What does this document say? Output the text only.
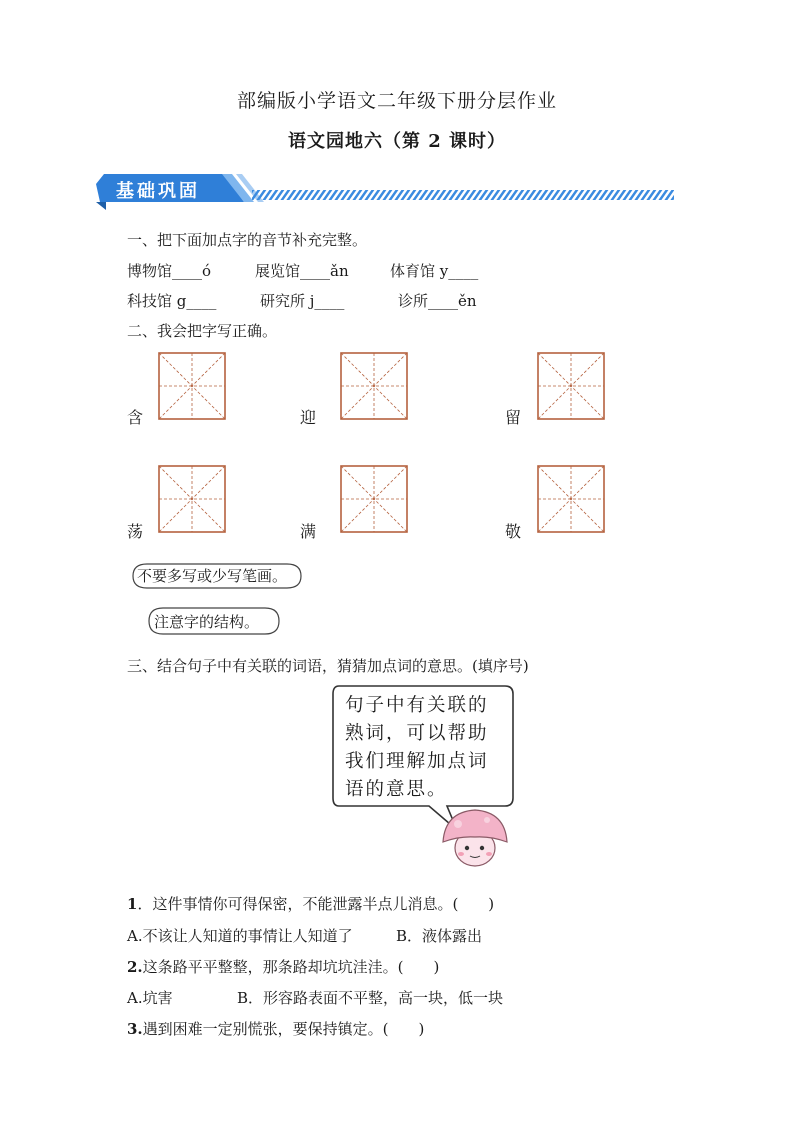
部编版小学语文二年级下册分层作业
语文园地六（第 2 课时）
基础巩固
一、把下面加点字的音节补充完整。
博物馆____ó	展览馆____ǎn	体育馆 y____
科技馆 g____	研究所 j____	诊所____ěn
二、我会把字写正确。
含	迎	留
荡	满	敬
不要多写或少写笔画。
注意字的结构。
三、结合句子中有关联的词语，猜猜加点词的意思。(填序号)
句子中有关联的
熟词，可以帮助
我们理解加点词
语的意思。
1．这件事情你可得保密，不能泄露半点儿消息。(　　)
A.不该让人知道的事情让人知道了	B．液体露出
2.这条路平平整整，那条路却坑坑洼洼。(　　)
A.坑害	B．形容路表面不平整，高一块，低一块
3.遇到困难一定别慌张，要保持镇定。(　　)
